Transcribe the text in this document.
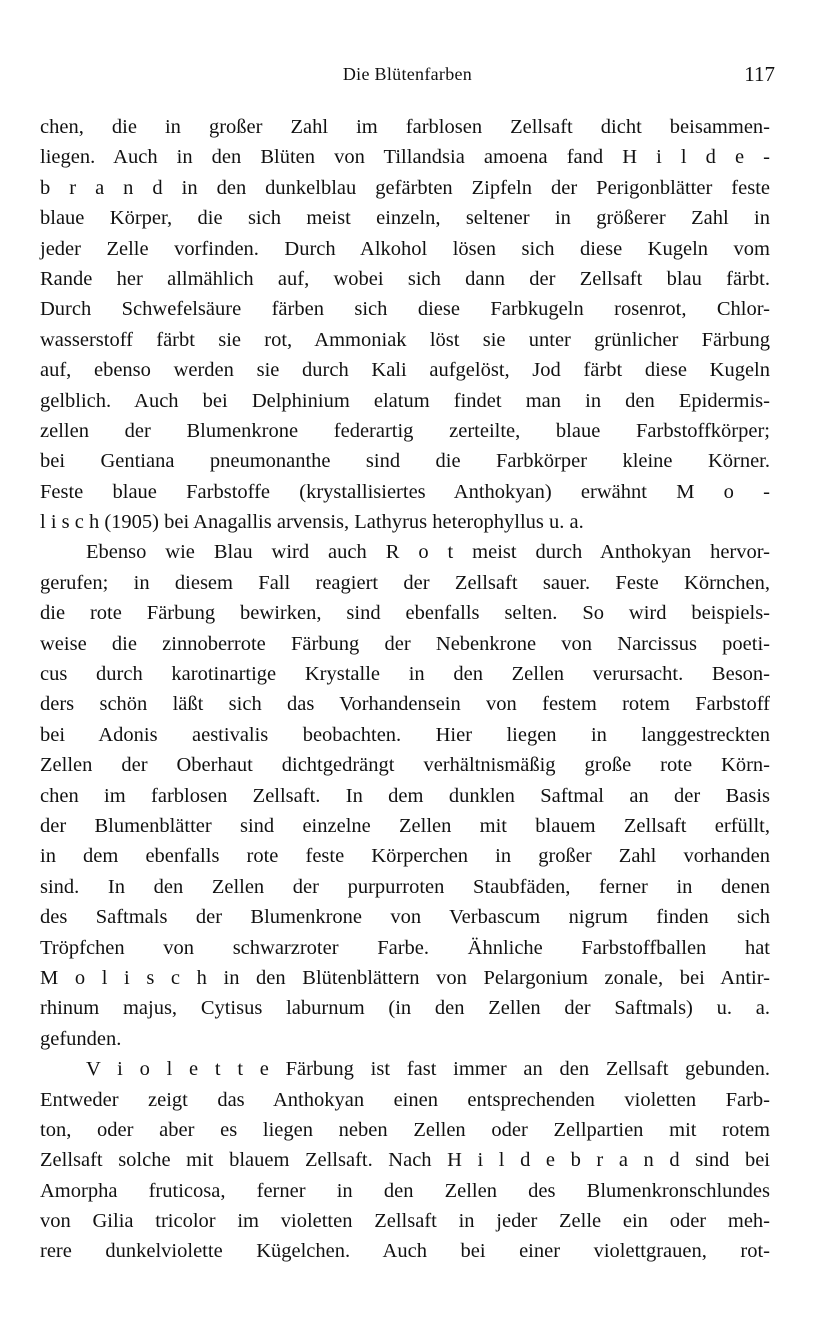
Die Blütenfarben	117
chen, die in großer Zahl im farblosen Zellsaft dicht beisammen-
liegen. Auch in den Blüten von Tillandsia amoena fand H i l d e -
b r a n d in den dunkelblau gefärbten Zipfeln der Perigonblätter feste
blaue Körper, die sich meist einzeln, seltener in größerer Zahl in
jeder Zelle vorfinden. Durch Alkohol lösen sich diese Kugeln vom
Rande her allmählich auf, wobei sich dann der Zellsaft blau färbt.
Durch Schwefelsäure färben sich diese Farbkugeln rosenrot, Chlor-
wasserstoff färbt sie rot, Ammoniak löst sie unter grünlicher Färbung
auf, ebenso werden sie durch Kali aufgelöst, Jod färbt diese Kugeln
gelblich. Auch bei Delphinium elatum findet man in den Epidermis-
zellen der Blumenkrone federartig zerteilte, blaue Farbstoffkörper;
bei Gentiana pneumonanthe sind die Farbkörper kleine Körner.
Feste blaue Farbstoffe (krystallisiertes Anthokyan) erwähnt M o -
l i s c h (1905) bei Anagallis arvensis, Lathyrus heterophyllus u. a.
Ebenso wie Blau wird auch R o t meist durch Anthokyan hervor-
gerufen; in diesem Fall reagiert der Zellsaft sauer. Feste Körnchen,
die rote Färbung bewirken, sind ebenfalls selten. So wird beispiels-
weise die zinnoberrote Färbung der Nebenkrone von Narcissus poeti-
cus durch karotinartige Krystalle in den Zellen verursacht. Beson-
ders schön läßt sich das Vorhandensein von festem rotem Farbstoff
bei Adonis aestivalis beobachten. Hier liegen in langgestreckten
Zellen der Oberhaut dichtgedrängt verhältnismäßig große rote Körn-
chen im farblosen Zellsaft. In dem dunklen Saftmal an der Basis
der Blumenblätter sind einzelne Zellen mit blauem Zellsaft erfüllt,
in dem ebenfalls rote feste Körperchen in großer Zahl vorhanden
sind. In den Zellen der purpurroten Staubfäden, ferner in denen
des Saftmals der Blumenkrone von Verbascum nigrum finden sich
Tröpfchen von schwarzroter Farbe. Ähnliche Farbstoffballen hat
M o l i s c h in den Blütenblättern von Pelargonium zonale, bei Antir-
rhinum majus, Cytisus laburnum (in den Zellen der Saftmals) u. a.
gefunden.
V i o l e t t e Färbung ist fast immer an den Zellsaft gebunden.
Entweder zeigt das Anthokyan einen entsprechenden violetten Farb-
ton, oder aber es liegen neben Zellen oder Zellpartien mit rotem
Zellsaft solche mit blauem Zellsaft. Nach H i l d e b r a n d sind bei
Amorpha fruticosa, ferner in den Zellen des Blumenkronschlundes
von Gilia tricolor im violetten Zellsaft in jeder Zelle ein oder meh-
rere dunkelviolette Kügelchen. Auch bei einer violettgrauen, rot-
